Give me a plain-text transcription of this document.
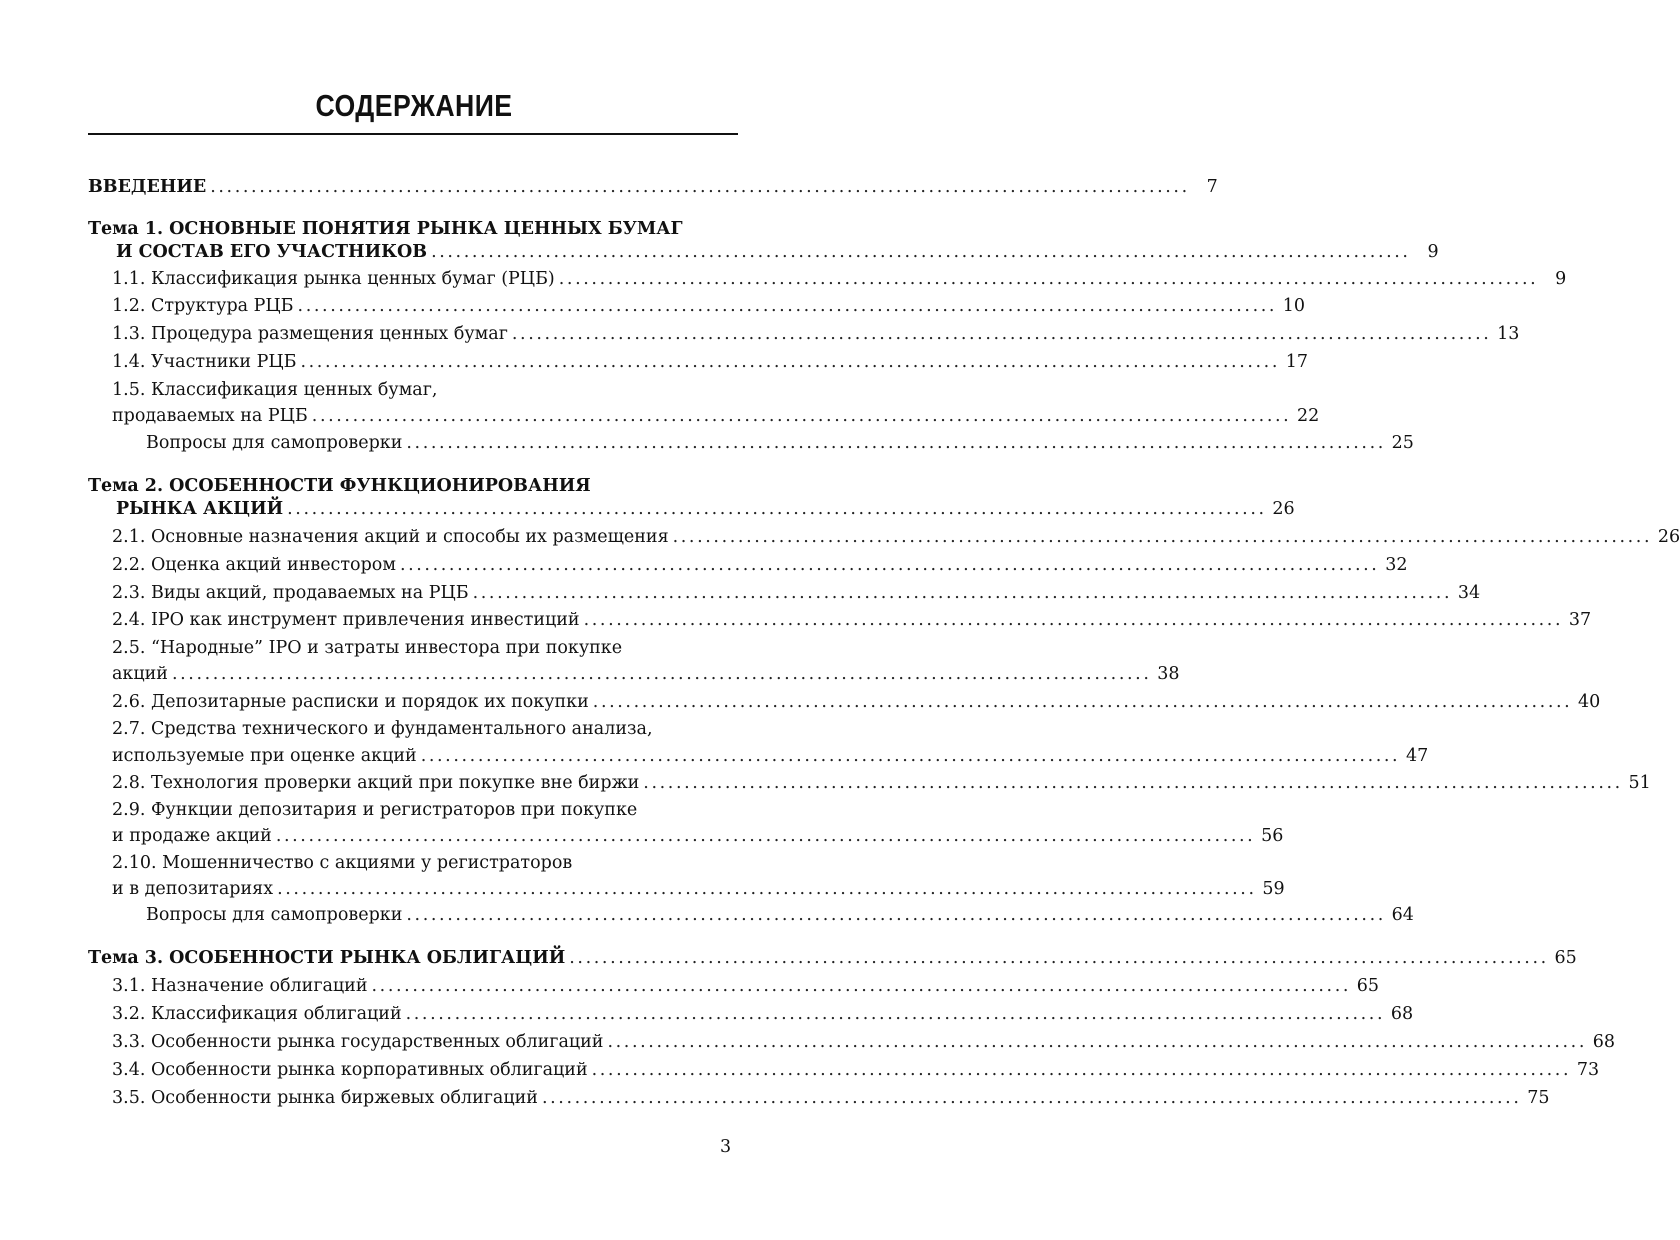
СОДЕРЖАНИЕ
ВВЕДЕНИЕ ........................................................................................................................ 7
Тема 1. ОСНОВНЫЕ ПОНЯТИЯ РЫНКА ЦЕННЫХ БУМАГ
И СОСТАВ ЕГО УЧАСТНИКОВ ........................................................................................................................ 9
1.1. Классификация рынка ценных бумаг (РЦБ) ........................................................................................................................ 9
1.2. Структура РЦБ ........................................................................................................................ 10
1.3. Процедура размещения ценных бумаг ........................................................................................................................ 13
1.4. Участники РЦБ ........................................................................................................................ 17
1.5. Классификация ценных бумаг,
продаваемых на РЦБ ........................................................................................................................ 22
Вопросы для самопроверки ........................................................................................................................ 25
Тема 2. ОСОБЕННОСТИ ФУНКЦИОНИРОВАНИЯ
РЫНКА АКЦИЙ ........................................................................................................................ 26
2.1. Основные назначения акций и способы их размещения ........................................................................................................................ 26
2.2. Оценка акций инвестором ........................................................................................................................ 32
2.3. Виды акций, продаваемых на РЦБ ........................................................................................................................ 34
2.4. IPO как инструмент привлечения инвестиций ........................................................................................................................ 37
2.5. “Народные” IPO и затраты инвестора при покупке
акций ........................................................................................................................ 38
2.6. Депозитарные расписки и порядок их покупки ........................................................................................................................ 40
2.7. Средства технического и фундаментального анализа,
используемые при оценке акций ........................................................................................................................ 47
2.8. Технология проверки акций при покупке вне биржи ........................................................................................................................ 51
2.9. Функции депозитария и регистраторов при покупке
и продаже акций ........................................................................................................................ 56
2.10. Мошенничество с акциями у регистраторов
и в депозитариях ........................................................................................................................ 59
Вопросы для самопроверки ........................................................................................................................ 64
Тема 3. ОСОБЕННОСТИ РЫНКА ОБЛИГАЦИЙ ........................................................................................................................ 65
3.1. Назначение облигаций ........................................................................................................................ 65
3.2. Классификация облигаций ........................................................................................................................ 68
3.3. Особенности рынка государственных облигаций ........................................................................................................................ 68
3.4. Особенности рынка корпоративных облигаций ........................................................................................................................ 73
3.5. Особенности рынка биржевых облигаций ........................................................................................................................ 75
3
